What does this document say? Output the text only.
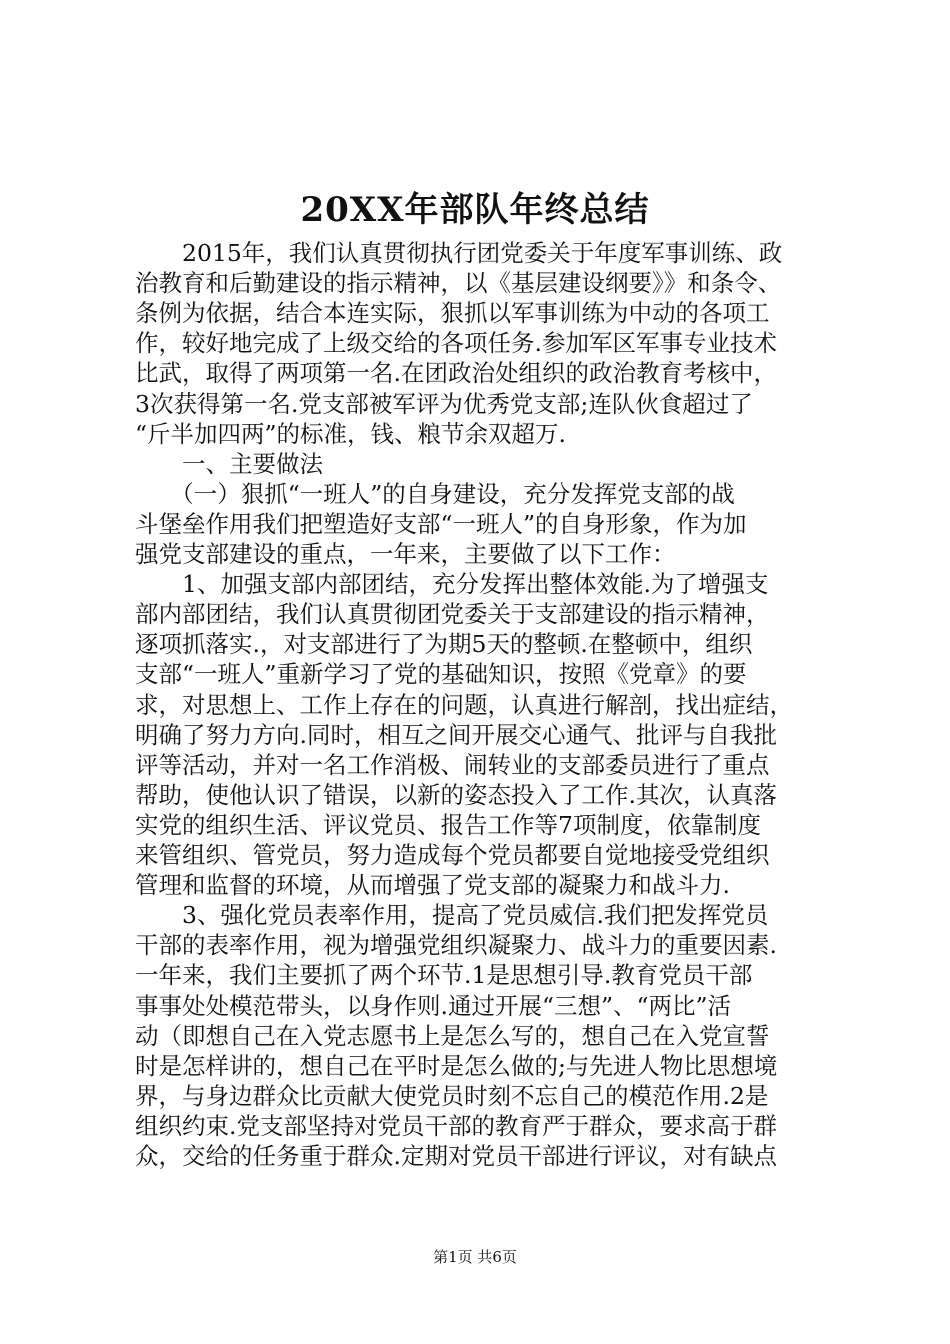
20XX年部队年终总结
　　2015年，我们认真贯彻执行团党委关于年度军事训练、政
治教育和后勤建设的指示精神，以《基层建设纲要》》和条令、
条例为依据，结合本连实际，狠抓以军事训练为中动的各项工
作，较好地完成了上级交给的各项任务.参加军区军事专业技术
比武，取得了两项第一名.在团政治处组织的政治教育考核中，
3次获得第一名.党支部被军评为优秀党支部;连队伙食超过了
“斤半加四两”的标准，钱、粮节余双超万.
　　一、主要做法
　　（一）狠抓“一班人”的自身建设，充分发挥党支部的战
斗堡垒作用我们把塑造好支部“一班人”的自身形象，作为加
强党支部建设的重点，一年来，主要做了以下工作：
　　1、加强支部内部团结，充分发挥出整体效能.为了增强支
部内部团结，我们认真贯彻团党委关于支部建设的指示精神，
逐项抓落实.，对支部进行了为期5天的整顿.在整顿中，组织
支部“一班人”重新学习了党的基础知识，按照《党章》的要
求，对思想上、工作上存在的问题，认真进行解剖，找出症结，
明确了努力方向.同时，相互之间开展交心通气、批评与自我批
评等活动，并对一名工作消极、闹转业的支部委员进行了重点
帮助，使他认识了错误，以新的姿态投入了工作.其次，认真落
实党的组织生活、评议党员、报告工作等7项制度，依靠制度
来管组织、管党员，努力造成每个党员都要自觉地接受党组织
管理和监督的环境，从而增强了党支部的凝聚力和战斗力.
　　3、强化党员表率作用，提高了党员威信.我们把发挥党员
干部的表率作用，视为增强党组织凝聚力、战斗力的重要因素.
一年来，我们主要抓了两个环节.1是思想引导.教育党员干部
事事处处模范带头，以身作则.通过开展“三想”、“两比”活
动（即想自己在入党志愿书上是怎么写的，想自己在入党宣誓
时是怎样讲的，想自己在平时是怎么做的;与先进人物比思想境
界，与身边群众比贡献大使党员时刻不忘自己的模范作用.2是
组织约束.党支部坚持对党员干部的教育严于群众，要求高于群
众，交给的任务重于群众.定期对党员干部进行评议，对有缺点
第1页 共6页
